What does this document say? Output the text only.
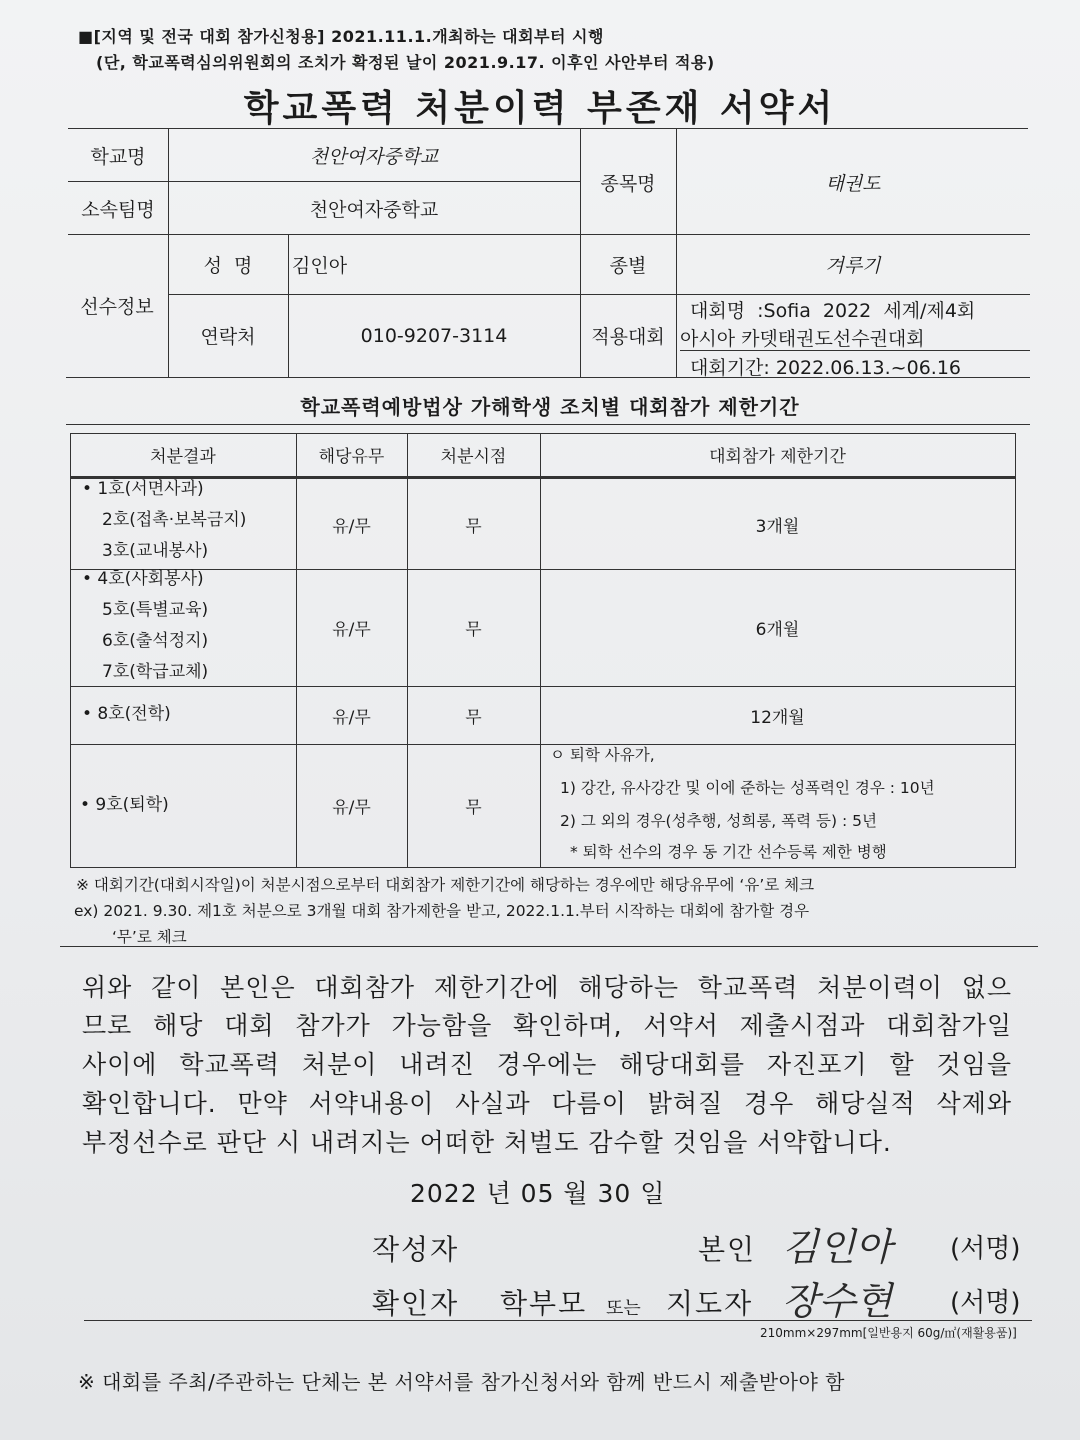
■[지역 및 전국 대회 참가신청용] 2021.11.1.개최하는 대회부터 시행
(단, 학교폭력심의위원회의 조치가 확정된 날이 2021.9.17. 이후인 사안부터 적용)
학교폭력 처분이력 부존재 서약서
학교명	천안여자중학교
소속팀명	천안여자중학교
종목명	태권도
선수정보
성  명	김인아	종별	겨루기
연락처	010-9207-3114	적용대회
대회명  :Sofia  2022  세계/제4회
아시아 카뎃태권도선수권대회
대회기간: 2022.06.13.~06.16
학교폭력예방법상 가해학생 조치별 대회참가 제한기간
처분결과	해당유무	처분시점	대회참가 제한기간
• 1호(서면사과)
2호(접촉·보복금지)
3호(교내봉사)
유/무	무	3개월
• 4호(사회봉사)
5호(특별교육)
6호(출석정지)
7호(학급교체)
유/무	무	6개월
• 8호(전학)	유/무	무	12개월
• 9호(퇴학)	유/무	무
ㅇ 퇴학 사유가,
1) 강간, 유사강간 및 이에 준하는 성폭력인 경우 : 10년
2) 그 외의 경우(성추행, 성희롱, 폭력 등) : 5년
* 퇴학 선수의 경우 동 기간 선수등록 제한 병행
※ 대회기간(대회시작일)이 처분시점으로부터 대회참가 제한기간에 해당하는 경우에만 해당유무에 ‘유’로 체크
ex) 2021. 9.30. 제1호 처분으로 3개월 대회 참가제한을 받고, 2022.1.1.부터 시작하는 대회에 참가할 경우
‘무’로 체크
위와 같이 본인은 대회참가 제한기간에 해당하는 학교폭력 처분이력이 없으
므로 해당 대회 참가가 가능함을 확인하며, 서약서 제출시점과 대회참가일
사이에 학교폭력 처분이 내려진 경우에는 해당대회를 자진포기 할 것임을
확인합니다. 만약 서약내용이 사실과 다름이 밝혀질 경우 해당실적 삭제와
부정선수로 판단 시 내려지는 어떠한 처벌도 감수할 것임을 서약합니다.
2022 년 05 월 30 일
작성자	본인 김인아 (서명)
확인자 학부모 또는 지도자 장수현 (서명)
210mm×297mm[일반용지 60g/㎡(재활용품)]
※ 대회를 주최/주관하는 단체는 본 서약서를 참가신청서와 함께 반드시 제출받아야 함
